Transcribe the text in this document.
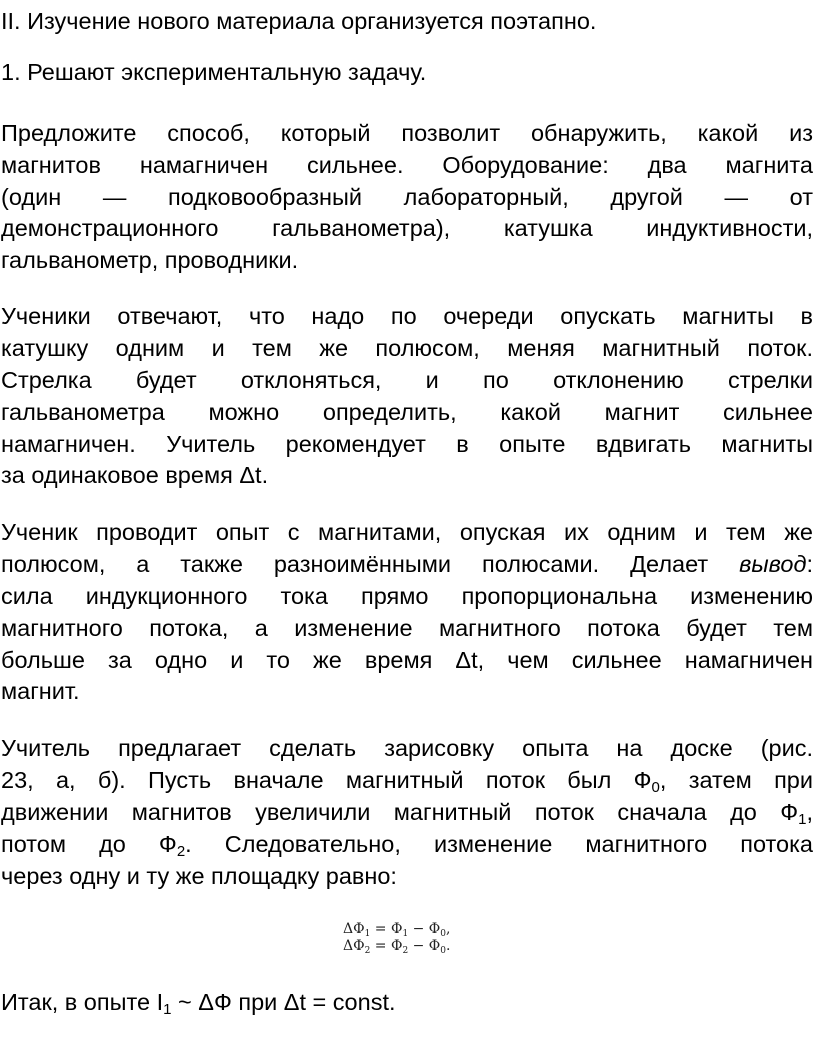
II. Изучение нового материала организуется поэтапно.
1. Решают экспериментальную задачу.
Предложите способ, который позволит обнаружить, какой из
магнитов намагничен сильнее. Оборудование: два магнита
(один — подковообразный лабораторный, другой — от
демонстрационного гальванометра), катушка индуктивности,
гальванометр, проводники.
Ученики отвечают, что надо по очереди опускать магниты в
катушку одним и тем же полюсом, меняя магнитный поток.
Стрелка будет отклоняться, и по отклонению стрелки
гальванометра можно определить, какой магнит сильнее
намагничен. Учитель рекомендует в опыте вдвигать магниты
за одинаковое время Δt.
Ученик проводит опыт с магнитами, опуская их одним и тем же
полюсом, а также разноимёнными полюсами. Делает вывод:
сила индукционного тока прямо пропорциональна изменению
магнитного потока, а изменение магнитного потока будет тем
больше за одно и то же время Δt, чем сильнее намагничен
магнит.
Учитель предлагает сделать зарисовку опыта на доске (рис.
23, а, б). Пусть вначале магнитный поток был $Ф_0$, затем при
движении магнитов увеличили магнитный поток сначала до $Ф_1$,
потом до $Ф_2$. Следовательно, изменение магнитного потока
через одну и ту же площадку равно:
$\Delta\Phi_1 = \Phi_1 - \Phi_0$,
$\Delta\Phi_2 = \Phi_2 - \Phi_0$.
Итак, в опыте $I_1$ ~ ΔФ при Δt = const.
